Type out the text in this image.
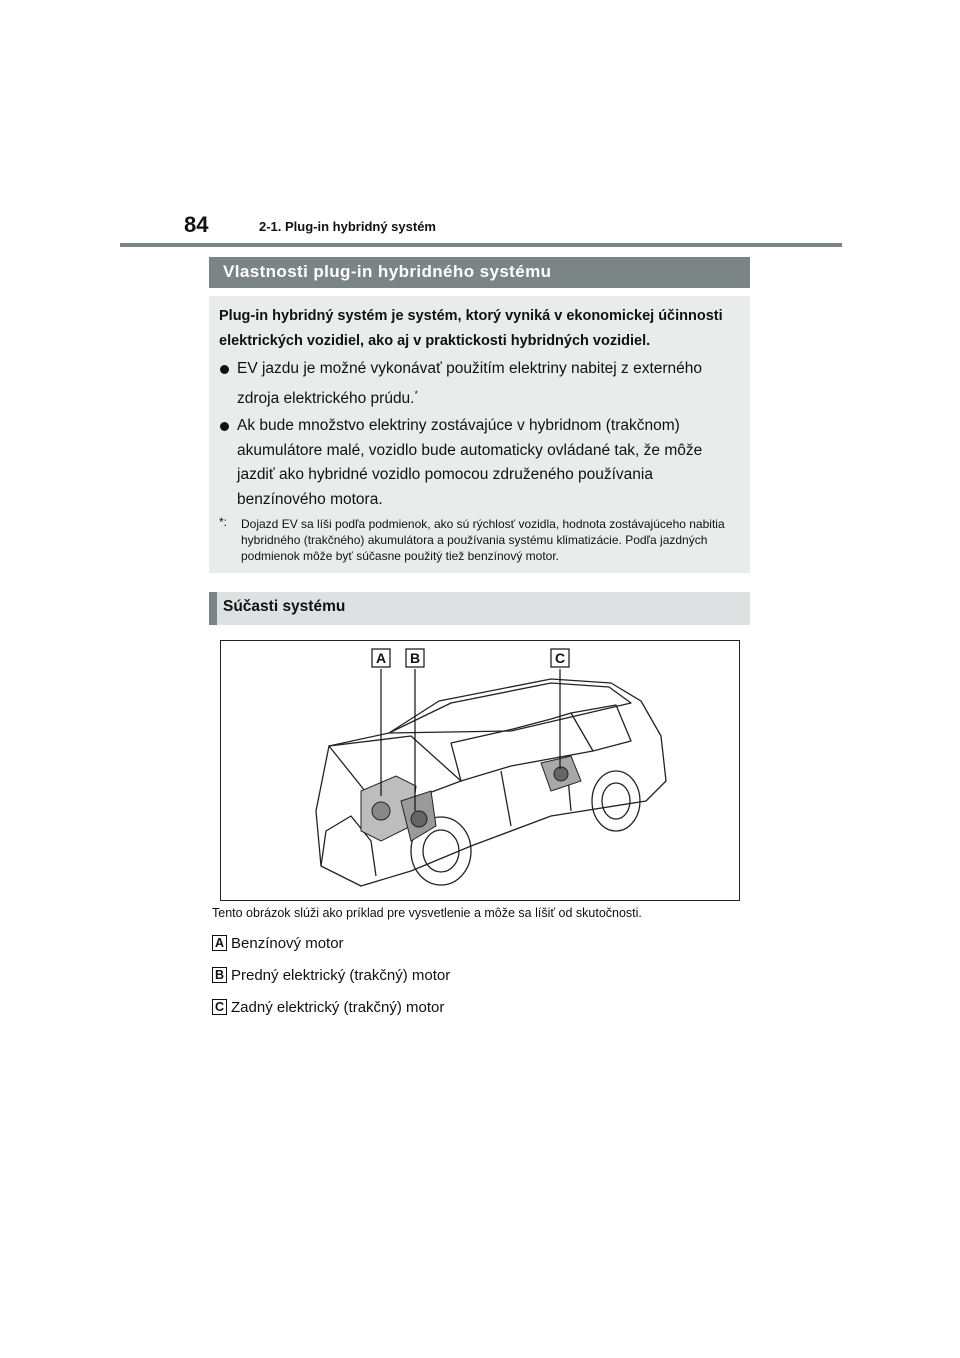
84	2-1. Plug-in hybridný systém
Vlastnosti plug-in hybridného systému

Plug-in hybridný systém je systém, ktorý vyniká v ekonomickej účinnosti elektrických vozidiel, ako aj v praktickosti hybridných vozidiel.

EV jazdu je možné vykonávať použitím elektriny nabitej z externého zdroja elektrického prúdu.*
Ak bude množstvo elektriny zostávajúce v hybridnom (trakčnom) akumulátore malé, vozidlo bude automaticky ovládané tak, že môže jazdiť ako hybridné vozidlo pomocou združeného používania benzínového motora.
*: Dojazd EV sa líši podľa podmienok, ako sú rýchlosť vozidla, hodnota zostávajúceho nabitia hybridného (trakčného) akumulátora a používania systému klimatizácie. Podľa jazdných podmienok môže byť súčasne použitý tiež benzínový motor.
Súčasti systému
A B	C
Tento obrázok slúži ako príklad pre vysvetlenie a môže sa líšiť od skutočnosti.
A Benzínový motor
B Predný elektrický (trakčný) motor
C Zadný elektrický (trakčný) motor
